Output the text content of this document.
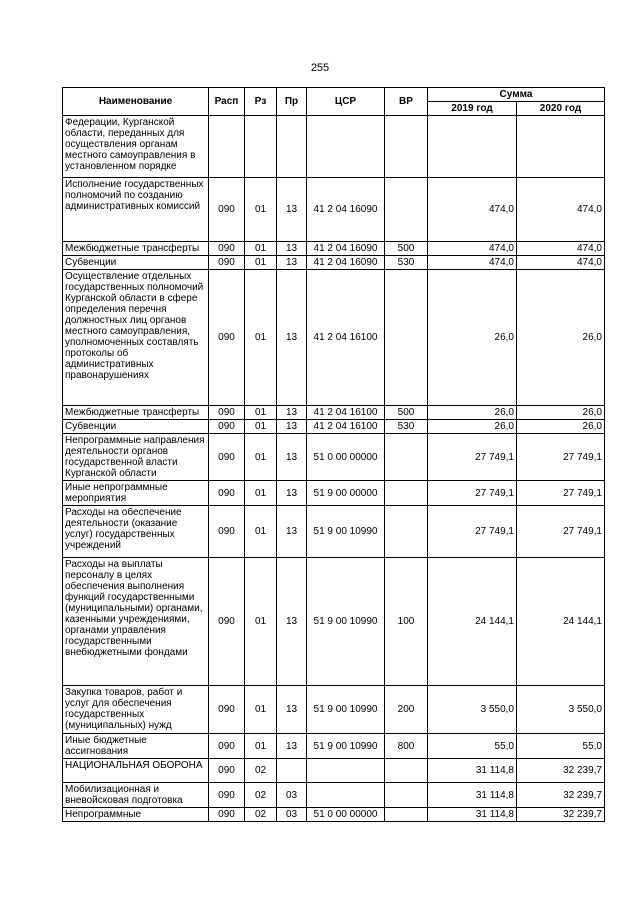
255
Наименование	Расп	Рз	Пр	ЦСР	ВР	Сумма	
						2019 год	2020 год
Федерации, Курганской области, переданных для осуществления органам местного самоуправления в установленном порядке							
Исполнение государственных полномочий по созданию административных комиссий	090	01	13	41 2 04 16090		474,0	474,0
Межбюджетные трансферты	090	01	13	41 2 04 16090	500	474,0	474,0
Субвенции	090	01	13	41 2 04 16090	530	474,0	474,0
Осуществление отдельных государственных полномочий Курганской области в сфере определения перечня должностных лиц органов местного самоуправления, уполномоченных составлять протоколы об административных правонарушениях	090	01	13	41 2 04 16100		26,0	26,0
Межбюджетные трансферты	090	01	13	41 2 04 16100	500	26,0	26,0
Субвенции	090	01	13	41 2 04 16100	530	26,0	26,0
Непрограммные направления деятельности органов государственной власти Курганской области	090	01	13	51 0 00 00000		27 749,1	27 749,1
Иные непрограммные мероприятия	090	01	13	51 9 00 00000		27 749,1	27 749,1
Расходы на обеспечение деятельности (оказание услуг) государственных учреждений	090	01	13	51 9 00 10990		27 749,1	27 749,1
Расходы на выплаты персоналу в целях обеспечения выполнения функций государственными (муниципальными) органами, казенными учреждениями, органами управления государственными внебюджетными фондами	090	01	13	51 9 00 10990	100	24 144,1	24 144,1
Закупка товаров, работ и услуг для обеспечения государственных (муниципальных) нужд	090	01	13	51 9 00 10990	200	3 550,0	3 550,0
Иные бюджетные ассигнования	090	01	13	51 9 00 10990	800	55,0	55,0
НАЦИОНАЛЬНАЯ ОБОРОНА	090	02				31 114,8	32 239,7
Мобилизационная и вневойсковая подготовка	090	02	03			31 114,8	32 239,7
Непрограммные	090	02	03	51 0 00 00000		31 114,8	32 239,7
